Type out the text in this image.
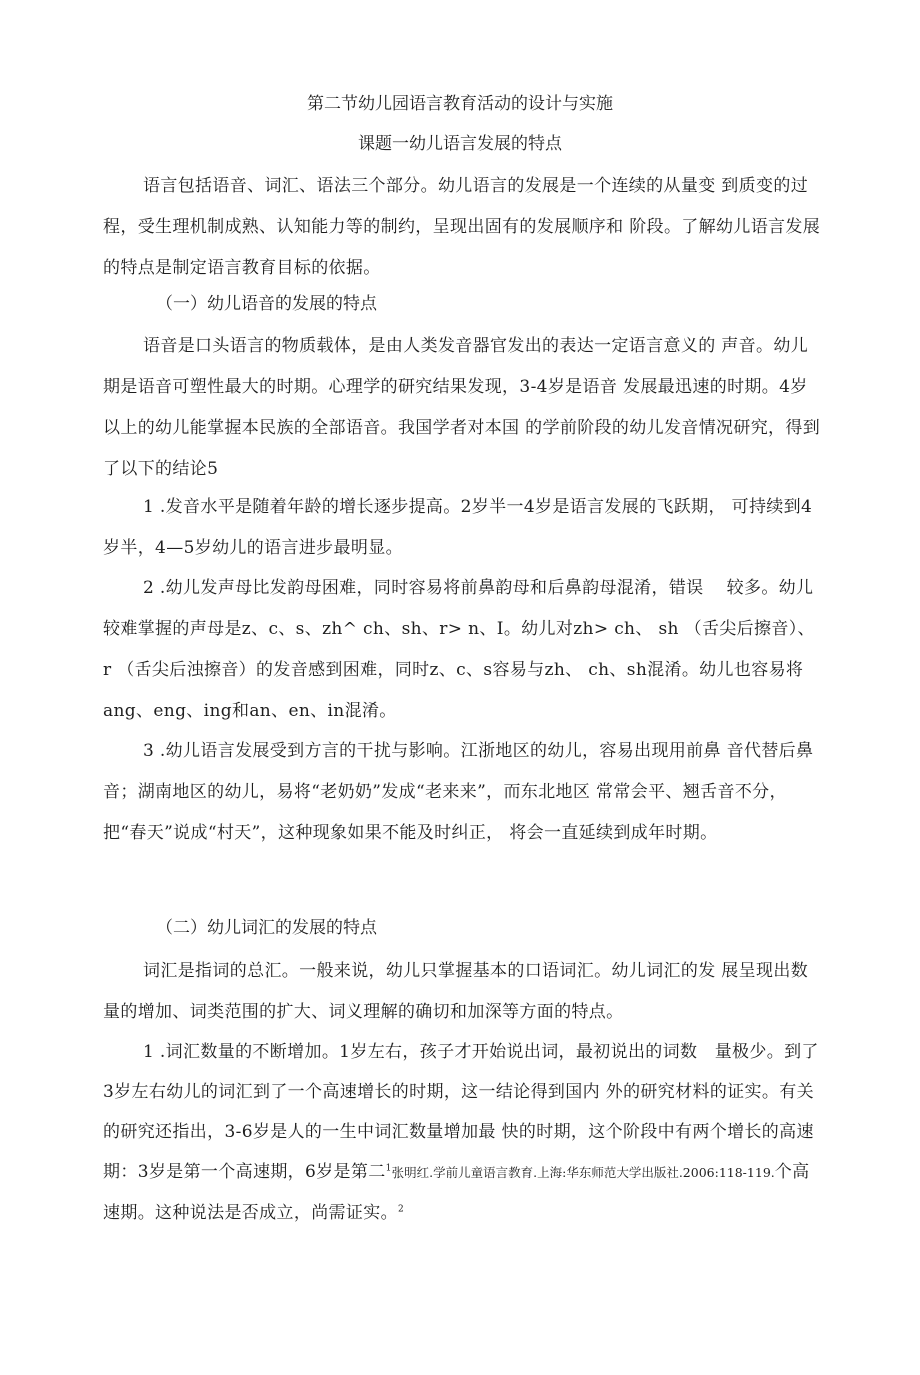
第二节幼儿园语言教育活动的设计与实施
课题一幼儿语言发展的特点

语言包括语音、词汇、语法三个部分。幼儿语言的发展是一个连续的从量变 到质变的过程，受生理机制成熟、认知能力等的制约，呈现出固有的发展顺序和 阶段。了解幼儿语言发展的特点是制定语言教育目标的依据。

（一）幼儿语音的发展的特点

语音是口头语言的物质载体，是由人类发音器官发出的表达一定语言意义的 声音。幼儿期是语音可塑性最大的时期。心理学的研究结果发现，3-4岁是语音 发展最迅速的时期。4岁以上的幼儿能掌握本民族的全部语音。我国学者对本国 的学前阶段的幼儿发音情况研究，得到了以下的结论5

1 .发音水平是随着年龄的增长逐步提高。2岁半一4岁是语言发展的飞跃期， 可持续到4岁半，4—5岁幼儿的语言进步最明显。

2 .幼儿发声母比发韵母困难，同时容易将前鼻韵母和后鼻韵母混淆，错误　 较多。幼儿较难掌握的声母是z、c、s、zh^ ch、sh、r> n、I。幼儿对zh> ch、 sh （舌尖后擦音）、r （舌尖后浊擦音）的发音感到困难，同时z、c、s容易与zh、 ch、sh混淆。幼儿也容易将ang、eng、ing和an、en、in混淆。

3 .幼儿语言发展受到方言的干扰与影响。江浙地区的幼儿，容易出现用前鼻 音代替后鼻音；湖南地区的幼儿，易将“老奶奶”发成“老来来”，而东北地区 常常会平、翘舌音不分，把“春天”说成“村天”，这种现象如果不能及时纠正， 将会一直延续到成年时期。

（二）幼儿词汇的发展的特点

词汇是指词的总汇。一般来说，幼儿只掌握基本的口语词汇。幼儿词汇的发 展呈现出数量的增加、词类范围的扩大、词义理解的确切和加深等方面的特点。

1 .词汇数量的不断增加。1岁左右，孩子才开始说出词，最初说出的词数　量极少。到了 3岁左右幼儿的词汇到了一个高速增长的时期，这一结论得到国内 外的研究材料的证实。有关的研究还指出，3-6岁是人的一生中词汇数量增加最 快的时期，这个阶段中有两个增长的高速期：3岁是第一个高速期，6岁是第二$^1$张明红.学前儿童语言教育.上海:华东师范大学出版社.2006:118-119.个高速期。这种说法是否成立，尚需证实。$^2$
